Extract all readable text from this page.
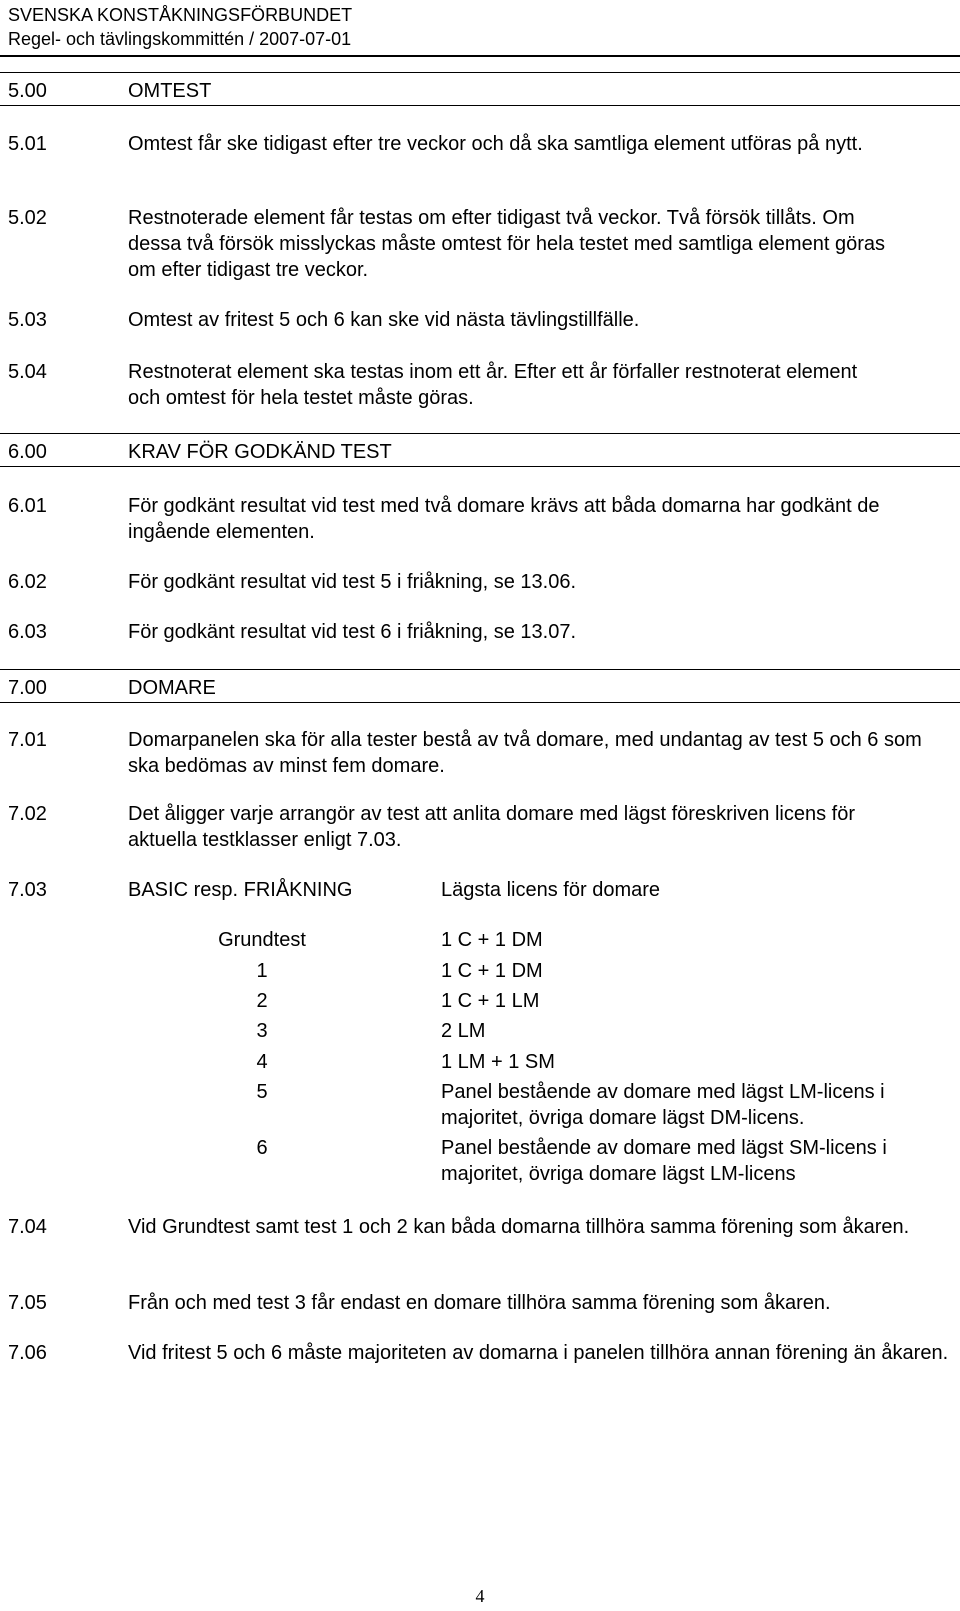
SVENSKA KONSTÅKNINGSFÖRBUNDET
Regel- och tävlingskommittén / 2007-07-01
5.00	OMTEST
5.01	Omtest får ske tidigast efter tre veckor och då ska samtliga element utföras på nytt.
5.02	Restnoterade element får testas om efter tidigast två veckor. Två försök tillåts. Om dessa två försök misslyckas måste omtest för hela testet med samtliga element göras om efter tidigast tre veckor.
5.03	Omtest av fritest 5 och 6 kan ske vid nästa tävlingstillfälle.
5.04	Restnoterat element ska testas inom ett år. Efter ett år förfaller restnoterat element och omtest för hela testet måste göras.
6.00	KRAV FÖR GODKÄND TEST
6.01	För godkänt resultat vid test med två domare krävs att båda domarna har godkänt de ingående elementen.
6.02	För godkänt resultat vid test 5 i friåkning, se 13.06.
6.03	För godkänt resultat vid test 6 i friåkning, se 13.07.
7.00	DOMARE
7.01	Domarpanelen ska för alla tester bestå av två domare, med undantag av test 5 och 6 som ska bedömas av minst fem domare.
7.02	Det åligger varje arrangör av test att anlita domare med lägst föreskriven licens för aktuella testklasser enligt 7.03.
7.03	BASIC resp. FRIÅKNING	Lägsta licens för domare
Grundtest	1 C + 1 DM
1	1 C + 1 DM
2	1 C + 1 LM
3	2 LM
4	1 LM + 1 SM
5	Panel bestående av domare med lägst LM-licens i majoritet, övriga domare lägst DM-licens.
6	Panel bestående av domare med lägst SM-licens i majoritet, övriga domare lägst LM-licens
7.04	Vid Grundtest samt test 1 och 2 kan båda domarna tillhöra samma förening som åkaren.
7.05	Från och med test 3 får endast en domare tillhöra samma förening som åkaren.
7.06	Vid fritest 5 och 6 måste majoriteten av domarna i panelen tillhöra annan förening än åkaren.
4
